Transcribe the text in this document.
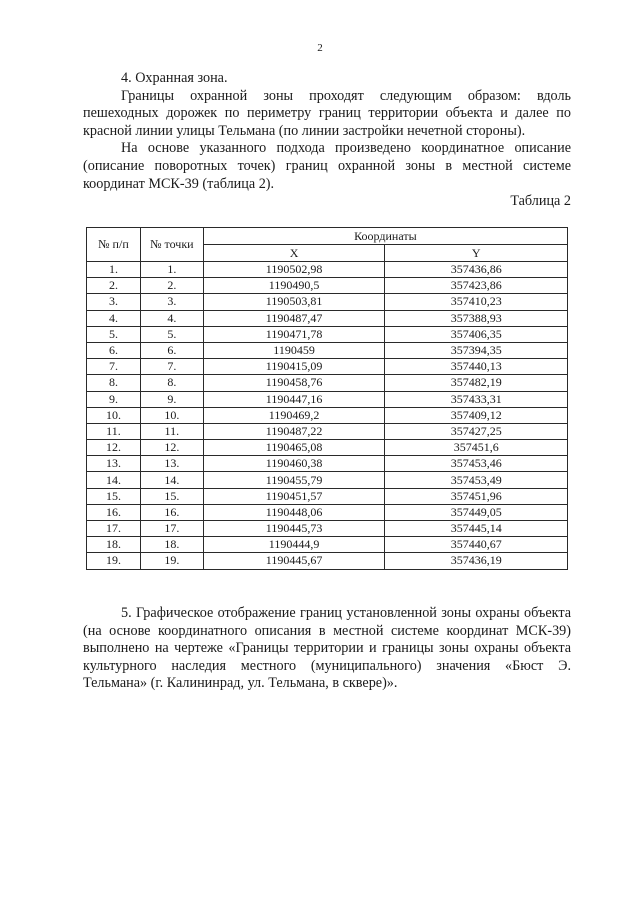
2

4. Охранная зона.

Границы охранной зоны проходят следующим образом: вдоль пешеходных дорожек по периметру границ территории объекта и далее по красной линии улицы Тельмана (по линии застройки нечетной стороны).

На основе указанного подхода произведено координатное описание (описание поворотных точек) границ охранной зоны в местной системе координат МСК-39 (таблица 2).

Таблица 2

№ п/п	№ точки	Координаты	
		X	Y
1.	1.	1190502,98	357436,86
2.	2.	1190490,5	357423,86
3.	3.	1190503,81	357410,23
4.	4.	1190487,47	357388,93
5.	5.	1190471,78	357406,35
6.	6.	1190459	357394,35
7.	7.	1190415,09	357440,13
8.	8.	1190458,76	357482,19
9.	9.	1190447,16	357433,31
10.	10.	1190469,2	357409,12
11.	11.	1190487,22	357427,25
12.	12.	1190465,08	357451,6
13.	13.	1190460,38	357453,46
14.	14.	1190455,79	357453,49
15.	15.	1190451,57	357451,96
16.	16.	1190448,06	357449,05
17.	17.	1190445,73	357445,14
18.	18.	1190444,9	357440,67
19.	19.	1190445,67	357436,19

5. Графическое отображение границ установленной зоны охраны объекта (на основе координатного описания в местной системе координат МСК-39) выполнено на чертеже «Границы территории и границы зоны охраны объекта культурного наследия местного (муниципального) значения «Бюст Э. Тельмана» (г. Калининрад, ул. Тельмана, в сквере)».
